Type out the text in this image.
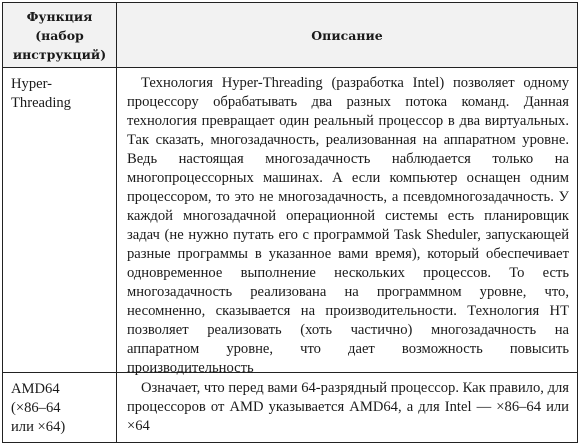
Функция
(набор
инструкций)
Описание

Hyper-
Threading

Технология Hyper-Threading (разработка Intel) позволяет одному процессору обрабатывать два разных потока команд. Данная технология превращает один реальный процессор в два виртуальных. Так сказать, многозадачность, реализованная на аппаратном уровне. Ведь настоящая многозадачность наблюдается только на многопроцессорных машинах. А если компьютер оснащен одним процессором, то это не многозадачность, а псевдомногозадачность. У каждой многозадачной операционной системы есть планировщик задач (не нужно путать его с программой Task Sheduler, запускающей разные программы в указанное вами время), который обеспечивает одновременное выполнение нескольких процессов. То есть многозадачность реализована на программном уровне, что, несомненно, сказывается на производительности. Технология HT позволяет реализовать (хоть частично) многозадачность на аппаратном уровне, что дает возможность повысить производительность

AMD64
(×86–64
или ×64)

Означает, что перед вами 64-разрядный процессор. Как правило, для процессоров от AMD указывается AMD64, а для Intel — ×86–64 или ×64
